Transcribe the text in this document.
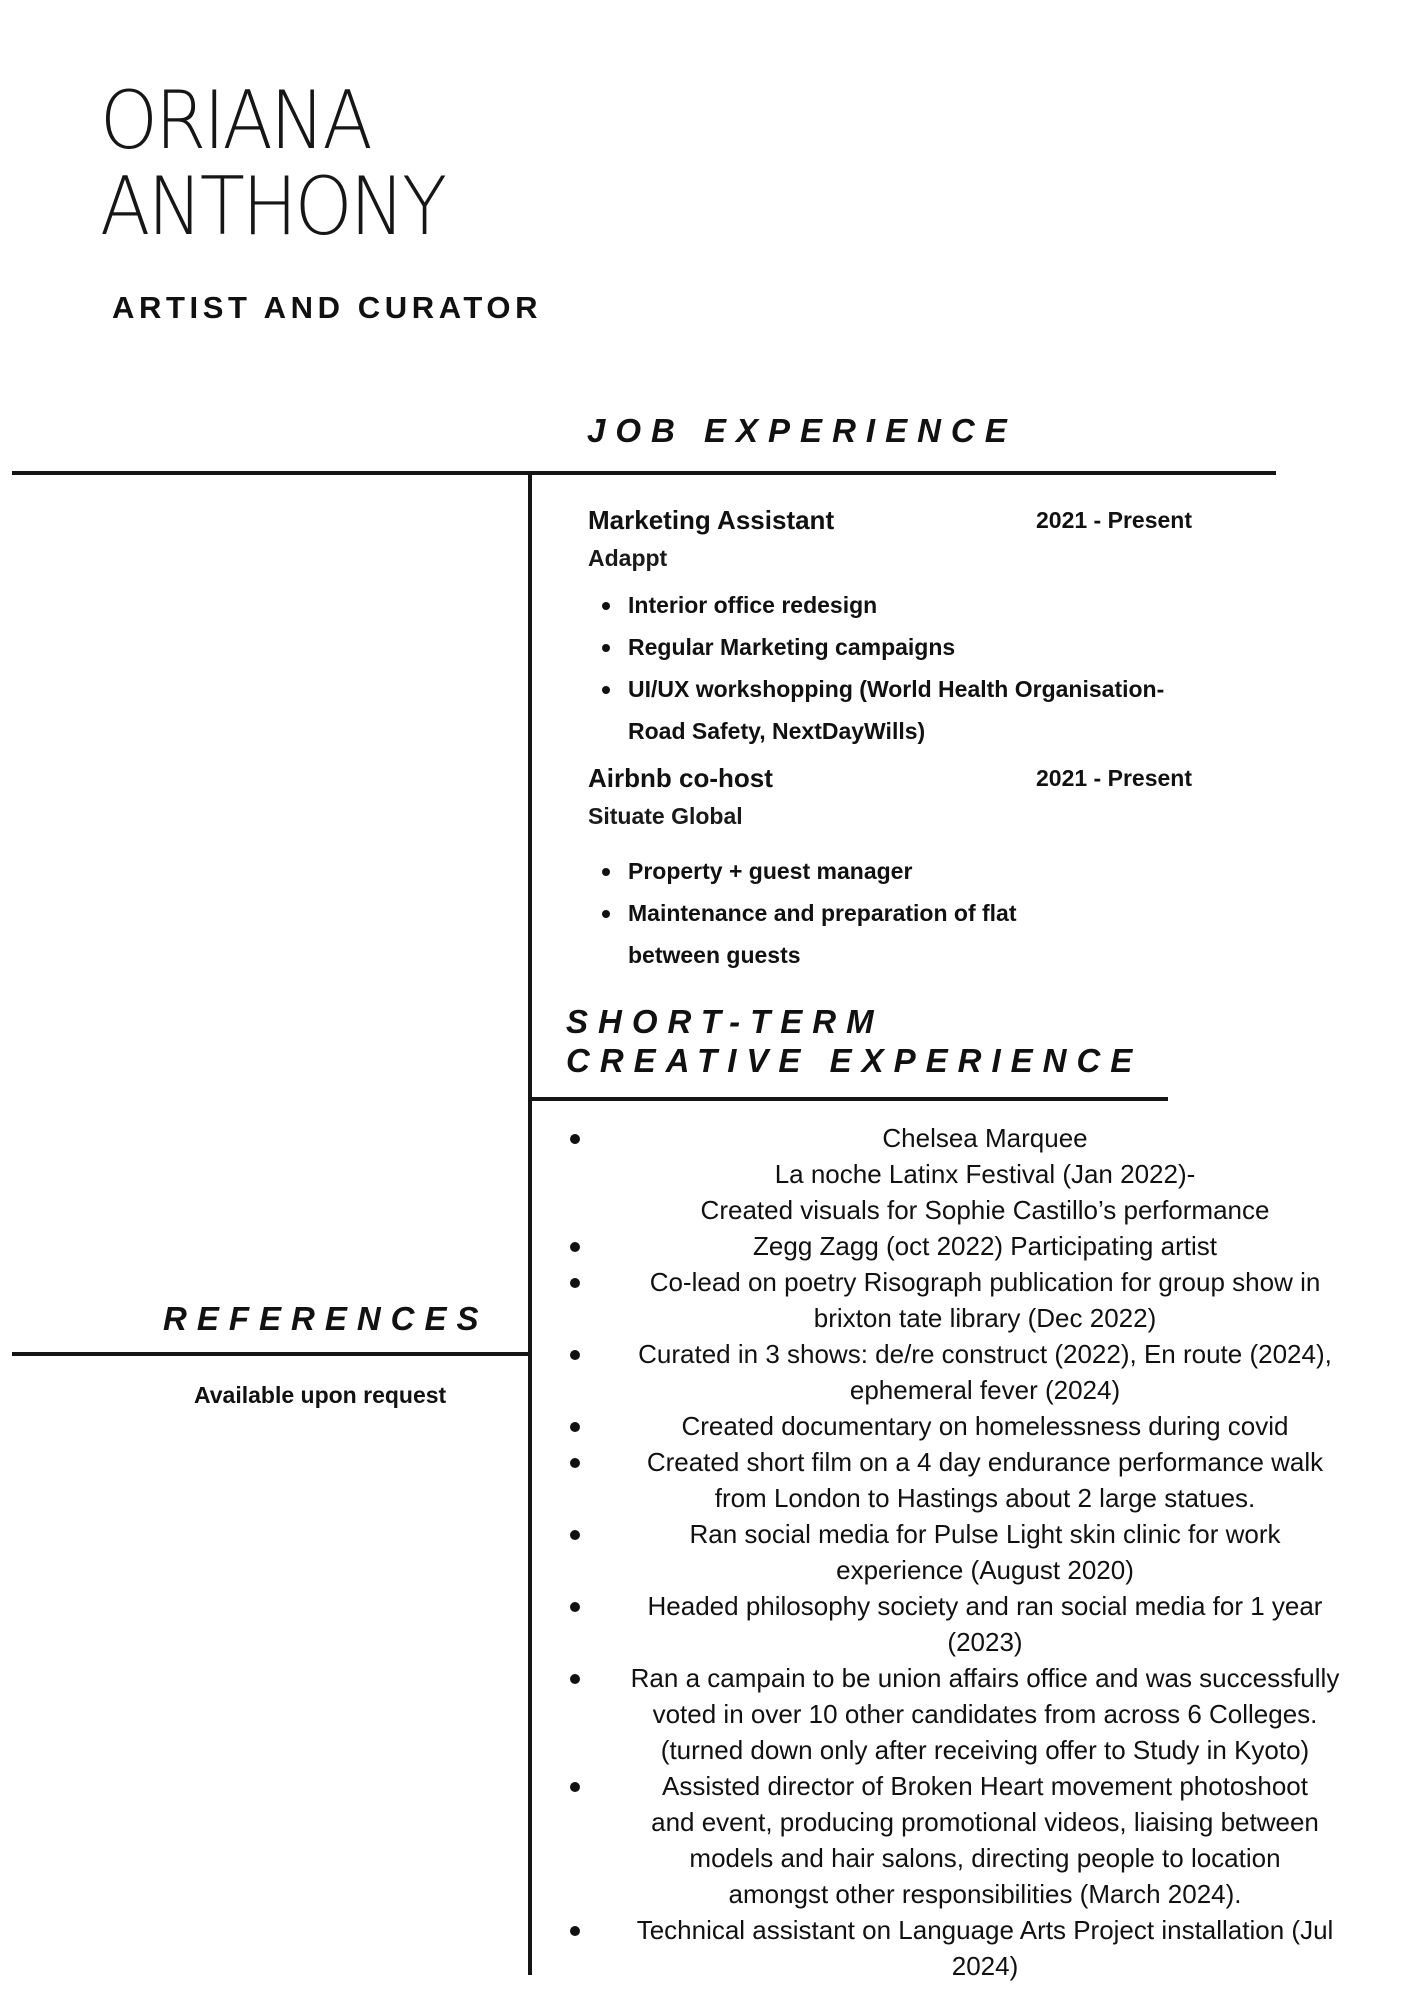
ORIANA
ANTHONY
ARTIST AND CURATOR
JOB EXPERIENCE
Marketing Assistant	2021 - Present
Adappt
Interior office redesign
Regular Marketing campaigns
UI/UX workshopping (World Health Organisation-
Road Safety, NextDayWills)
Airbnb co-host	2021 - Present
Situate Global
Property + guest manager
Maintenance and preparation of flat
between guests
SHORT-TERM
CREATIVE EXPERIENCE
Chelsea Marquee
La noche Latinx Festival (Jan 2022)-
Created visuals for Sophie Castillo’s performance
Zegg Zagg (oct 2022) Participating artist
Co-lead on poetry Risograph publication for group show in
brixton tate library (Dec 2022)
Curated in 3 shows: de/re construct (2022), En route (2024),
ephemeral fever (2024)
Created documentary on homelessness during covid
Created short film on a 4 day endurance performance walk
from London to Hastings about 2 large statues.
Ran social media for Pulse Light skin clinic for work
experience (August 2020)
Headed philosophy society and ran social media for 1 year
(2023)
Ran a campain to be union affairs office and was successfully
voted in over 10 other candidates from across 6 Colleges.
(turned down only after receiving offer to Study in Kyoto)
Assisted director of Broken Heart movement photoshoot
and event, producing promotional videos, liaising between
models and hair salons, directing people to location
amongst other responsibilities (March 2024).
Technical assistant on Language Arts Project installation (Jul
2024)
REFERENCES
Available upon request
